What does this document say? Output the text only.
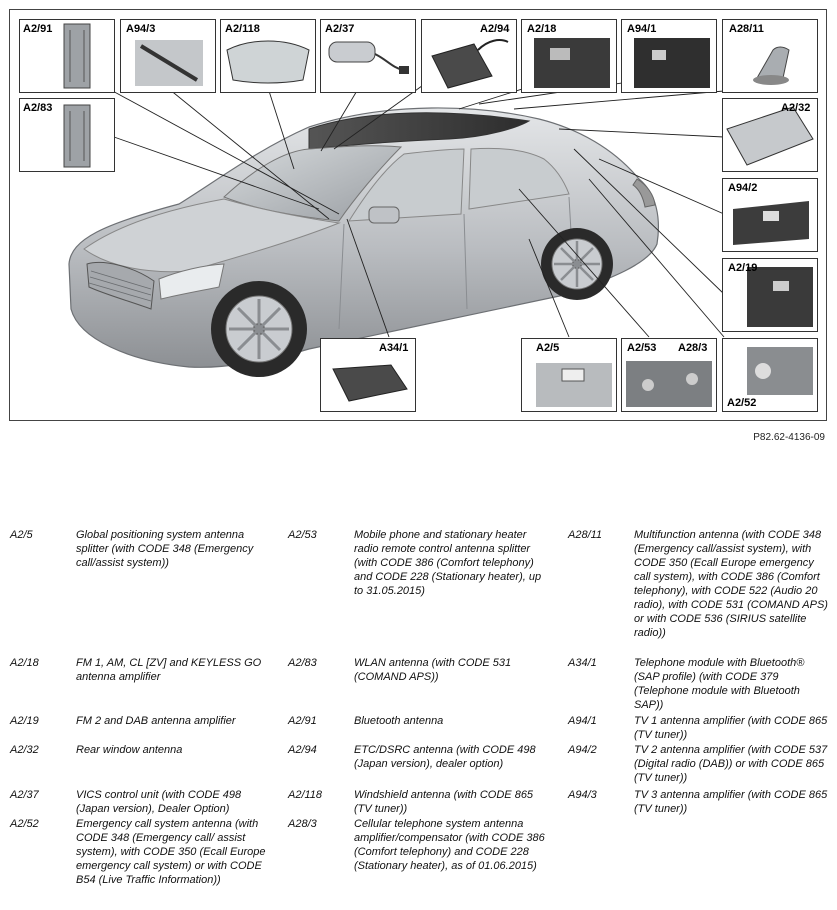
A2/91	A94/3	A2/118	A2/37	A2/94 A2/18	A94/1	A28/11
A2/83	A2/32
A94/2
A2/19
A34/1	A2/5	A2/53 A28/3
A2/52
P82.62-4136-09
A2/5	Global positioning system antenna splitter (with CODE 348 (Emergency call/assist system))
A2/18	FM 1, AM, CL [ZV] and KEYLESS GO antenna amplifier
A2/19	FM 2 and DAB antenna amplifier
A2/32	Rear window antenna
A2/37	VICS control unit (with CODE 498 (Japan version), Dealer Option)
A2/52	Emergency call system antenna (with CODE 348 (Emergency call/ assist system), with CODE 350 (Ecall Europe emergency call system) or with CODE B54 (Live Traffic Information))
A2/53	Mobile phone and stationary heater radio remote control antenna splitter (with CODE 386 (Comfort telephony) and CODE 228 (Stationary heater), up to 31.05.2015)
A2/83	WLAN antenna (with CODE 531 (COMAND APS))
A2/91	Bluetooth antenna
A2/94	ETC/DSRC antenna (with CODE 498 (Japan version), dealer option)
A2/118	Windshield antenna (with CODE 865 (TV tuner))
A28/3	Cellular telephone system antenna amplifier/compensator (with CODE 386 (Comfort telephony) and CODE 228 (Stationary heater), as of 01.06.2015)
A28/11	Multifunction antenna (with CODE 348 (Emergency call/assist system), with CODE 350 (Ecall Europe emergency call system), with CODE 386 (Comfort telephony), with CODE 522 (Audio 20 radio), with CODE 531 (COMAND APS) or with CODE 536 (SIRIUS satellite radio))
A34/1	Telephone module with Bluetooth® (SAP profile) (with CODE 379 (Telephone module with Bluetooth SAP))
A94/1	TV 1 antenna amplifier (with CODE 865 (TV tuner))
A94/2	TV 2 antenna amplifier (with CODE 537 (Digital radio (DAB)) or with CODE 865 (TV tuner))
A94/3	TV 3 antenna amplifier (with CODE 865 (TV tuner))
